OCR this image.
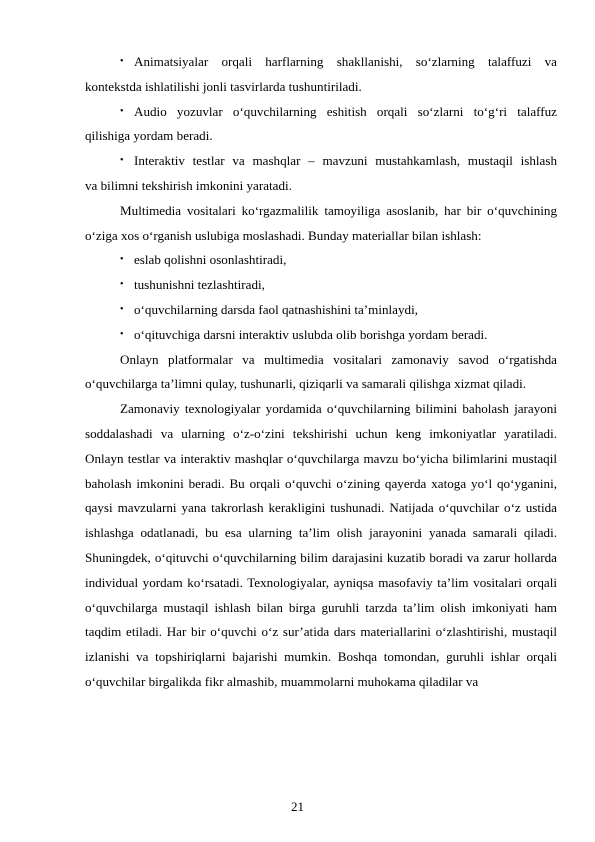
• Animatsiyalar orqali harflarning shakllanishi, so‘zlarning talaffuzi va

kontekstda ishlatilishi jonli tasvirlarda tushuntiriladi.

• Audio yozuvlar o‘quvchilarning eshitish orqali so‘zlarni to‘g‘ri talaffuz

qilishiga yordam beradi.

• Interaktiv testlar va mashqlar – mavzuni mustahkamlash, mustaqil ishlash

va bilimni tekshirish imkonini yaratadi.

Multimedia vositalari ko‘rgazmalilik tamoyiliga asoslanib, har bir o‘quvchining o‘ziga xos o‘rganish uslubiga moslashadi. Bunday materiallar bilan ishlash:

• eslab qolishni osonlashtiradi,

• tushunishni tezlashtiradi,

• o‘quvchilarning darsda faol qatnashishini ta’minlaydi,

• o‘qituvchiga darsni interaktiv uslubda olib borishga yordam beradi.

Onlayn platformalar va multimedia vositalari zamonaviy savod o‘rgatishda o‘quvchilarga ta’limni qulay, tushunarli, qiziqarli va samarali qilishga xizmat qiladi.

Zamonaviy texnologiyalar yordamida o‘quvchilarning bilimini baholash jarayoni soddalashadi va ularning o‘z-o‘zini tekshirishi uchun keng imkoniyatlar yaratiladi. Onlayn testlar va interaktiv mashqlar o‘quvchilarga mavzu bo‘yicha bilimlarini mustaqil baholash imkonini beradi. Bu orqali o‘quvchi o‘zining qayerda xatoga yo‘l qo‘yganini, qaysi mavzularni yana takrorlash kerakligini tushunadi. Natijada o‘quvchilar o‘z ustida ishlashga odatlanadi, bu esa ularning ta’lim olish jarayonini yanada samarali qiladi. Shuningdek, o‘qituvchi o‘quvchilarning bilim darajasini kuzatib boradi va zarur hollarda individual yordam ko‘rsatadi. Texnologiyalar, ayniqsa masofaviy ta’lim vositalari orqali o‘quvchilarga mustaqil ishlash bilan birga guruhli tarzda ta’lim olish imkoniyati ham taqdim etiladi. Har bir o‘quvchi o‘z sur’atida dars materiallarini o‘zlashtirishi, mustaqil izlanishi va topshiriqlarni bajarishi mumkin. Boshqa tomondan, guruhli ishlar orqali o‘quvchilar birgalikda fikr almashib, muammolarni muhokama qiladilar va

21
